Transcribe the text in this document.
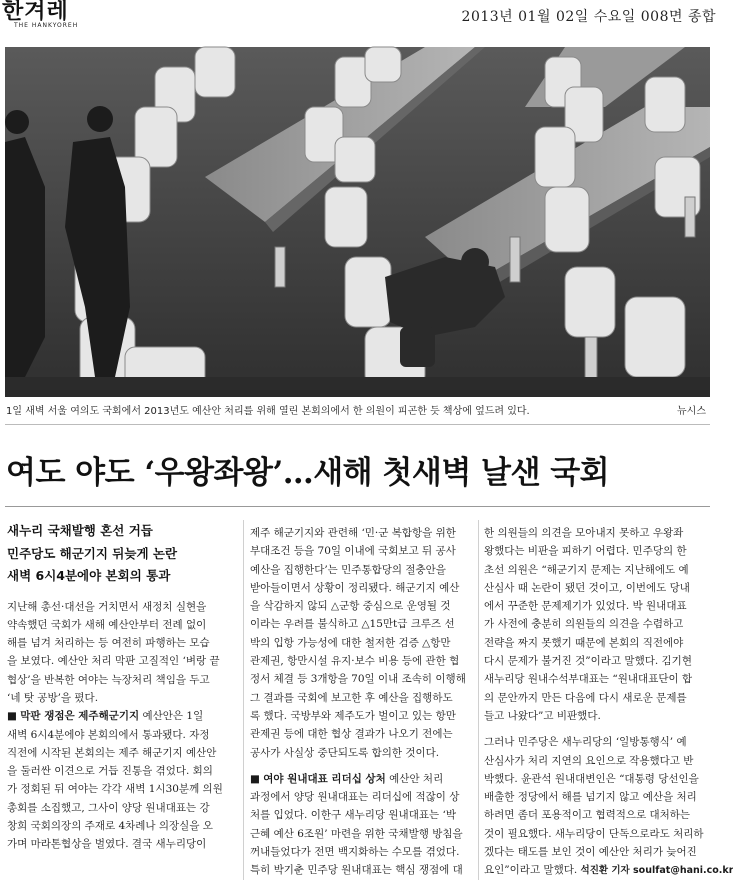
한겨레
THE HANKYOREH
2013년 01월 02일 수요일 008면 종합
1일 새벽 서울 여의도 국회에서 2013년도 예산안 처리를 위해 열린 본회의에서 한 의원이 피곤한 듯 책상에 엎드려 있다.	뉴시스
여도 야도 ‘우왕좌왕’…새해 첫새벽 날샌 국회
새누리 국채발행 혼선 거듭
민주당도 해군기지 뒤늦게 논란
새벽 6시4분에야 본회의 통과
지난해 총선·대선을 거치면서 새정치 실현을
약속했던 국회가 새해 예산안부터 전례 없이
해를 넘겨 처리하는 등 여전히 파행하는 모습
을 보였다. 예산안 처리 막판 고질적인 ‘벼랑 끝
협상’을 반복한 여야는 늑장처리 책임을 두고
‘네 탓 공방’을 폈다.
■ 막판 쟁점은 제주해군기지 예산안은 1일
새벽 6시4분에야 본회의에서 통과됐다. 자정
직전에 시작된 본회의는 제주 해군기지 예산안
을 둘러싼 이견으로 거듭 진통을 겪었다. 회의
가 정회된 뒤 여야는 각각 새벽 1시30분께 의원
총회를 소집했고, 그사이 양당 원내대표는 강
창희 국회의장의 주재로 4차례나 의장실을 오
가며 마라톤협상을 벌였다. 결국 새누리당이
제주 해군기지와 관련해 ‘민·군 복합항을 위한
부대조건 등을 70일 이내에 국회보고 뒤 공사
예산을 집행한다’는 민주통합당의 절충안을
받아들이면서 상황이 정리됐다. 해군기지 예산
을 삭감하지 않되 △군항 중심으로 운영될 것
이라는 우려를 불식하고 △15만t급 크루즈 선
박의 입항 가능성에 대한 철저한 검증 △항만
관제권, 항만시설 유지·보수 비용 등에 관한 협
정서 체결 등 3개항을 70일 이내 조속히 이행해
그 결과를 국회에 보고한 후 예산을 집행하도
록 했다. 국방부와 제주도가 벌이고 있는 항만
관제권 등에 대한 협상 결과가 나오기 전에는
공사가 사실상 중단되도록 합의한 것이다.
■ 여야 원내대표 리더십 상처 예산안 처리
과정에서 양당 원내대표는 리더십에 적잖이 상
처를 입었다. 이한구 새누리당 원내대표는 ‘박
근혜 예산 6조원’ 마련을 위한 국채발행 방침을
꺼내들었다가 전면 백지화하는 수모를 겪었다.
특히 박기춘 민주당 원내대표는 핵심 쟁점에 대
한 의원들의 의견을 모아내지 못하고 우왕좌
왕했다는 비판을 피하기 어렵다. 민주당의 한
초선 의원은 “해군기지 문제는 지난해에도 예
산심사 때 논란이 됐던 것이고, 이번에도 당내
에서 꾸준한 문제제기가 있었다. 박 원내대표
가 사전에 충분히 의원들의 의견을 수렴하고
전략을 짜지 못했기 때문에 본회의 직전에야
다시 문제가 불거진 것”이라고 말했다. 김기현
새누리당 원내수석부대표는 “원내대표단이 합
의 문안까지 만든 다음에 다시 새로운 문제를
들고 나왔다”고 비판했다.
그러나 민주당은 새누리당의 ‘일방통행식’ 예
산심사가 처리 지연의 요인으로 작용했다고 반
박했다. 윤관석 원내대변인은 “대통령 당선인을
배출한 정당에서 해를 넘기지 않고 예산을 처리
하려면 좀더 포용적이고 협력적으로 대처하는
것이 필요했다. 새누리당이 단독으로라도 처리하
겠다는 태도를 보인 것이 예산안 처리가 늦어진
요인”이라고 말했다. 석진환 기자 soulfat@hani.co.kr
